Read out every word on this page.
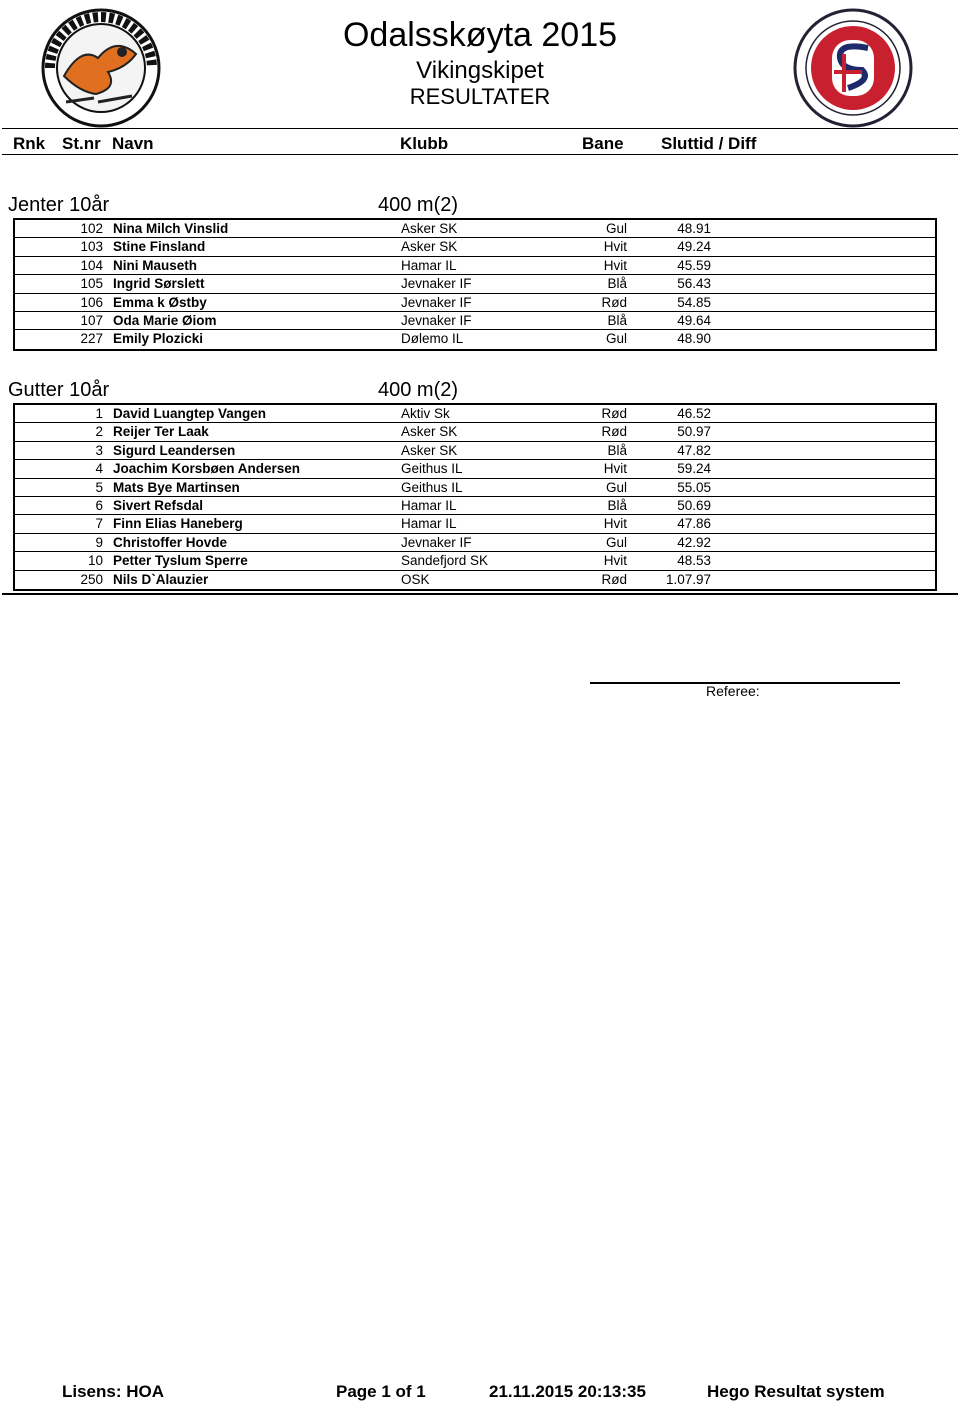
Odalsskøyta 2015
Vikingskipet
RESULTATER
Rnk St.nr Navn	Klubb	Bane Sluttid / Diff
Jenter 10år	400 m(2)
102 Nina Milch Vinslid	Asker SK	Gul	48.91
103 Stine Finsland	Asker SK	Hvit	49.24
104 Nini Mauseth	Hamar IL	Hvit	45.59
105 Ingrid Sørslett	Jevnaker IF	Blå	56.43
106 Emma k Østby	Jevnaker IF	Rød	54.85
107 Oda Marie Øiom	Jevnaker IF	Blå	49.64
227 Emily Plozicki	Dølemo IL	Gul	48.90
Gutter 10år	400 m(2)
1 David Luangtep Vangen	Aktiv Sk	Rød	46.52
2 Reijer Ter Laak	Asker SK	Rød	50.97
3 Sigurd Leandersen	Asker SK	Blå	47.82
4 Joachim Korsbøen Andersen	Geithus IL	Hvit	59.24
5 Mats Bye Martinsen	Geithus IL	Gul	55.05
6 Sivert Refsdal	Hamar IL	Blå	50.69
7 Finn Elias Haneberg	Hamar IL	Hvit	47.86
9 Christoffer Hovde	Jevnaker IF	Gul	42.92
10 Petter Tyslum Sperre	Sandefjord SK	Hvit	48.53
250 Nils D`Alauzier	OSK	Rød	1.07.97
Referee:
Lisens: HOA	Page 1 of 1	21.11.2015 20:13:35	Hego Resultat system
